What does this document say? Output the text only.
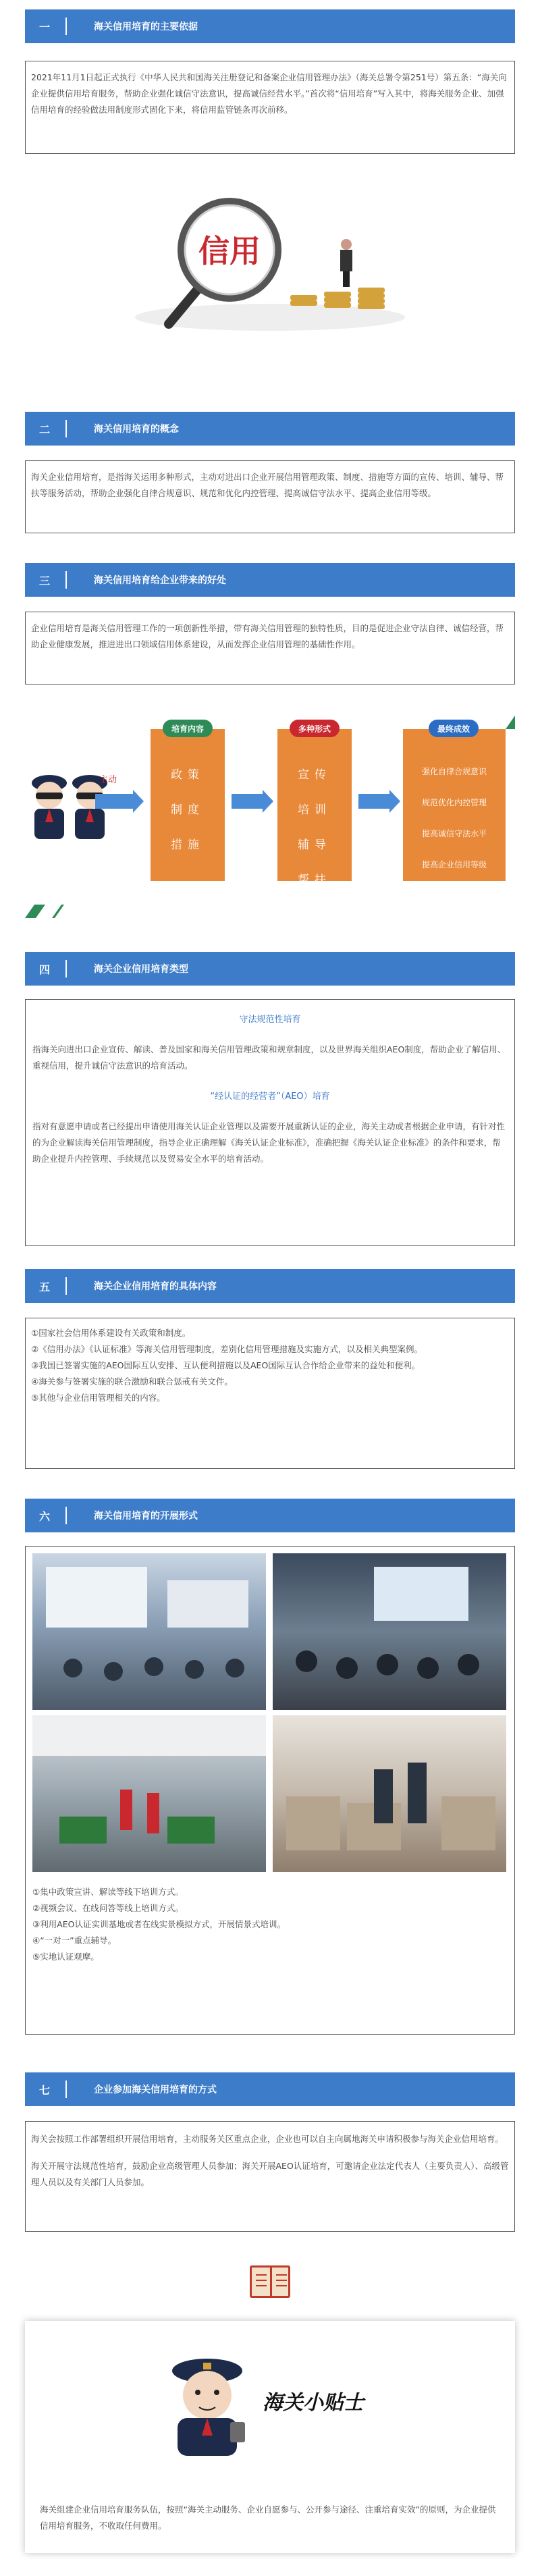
一	海关信用培育的主要依据
2021年11月1日起正式执行《中华人民共和国海关注册登记和备案企业信用管理办法》（海关总署令第251号）第五条：“海关向企业提供信用培育服务，帮助企业强化诚信守法意识，提高诚信经营水平。”首次将“信用培育”写入其中，将海关服务企业、加强信用培育的经验做法用制度形式固化下来，将信用监管链条再次前移。
信用
二	海关信用培育的概念
海关企业信用培育，是指海关运用多种形式，主动对进出口企业开展信用管理政策、制度、措施等方面的宣传、培训、辅导、帮扶等服务活动，帮助企业强化自律合规意识、规范和优化内控管理、提高诚信守法水平、提高企业信用等级。
三	海关信用培育给企业带来的好处
企业信用培育是海关信用管理工作的一项创新性举措，带有海关信用管理的独特性质，目的是促进企业守法自律、诚信经营，帮助企业健康发展，推进进出口领域信用体系建设，从而发挥企业信用管理的基础性作用。
主动
培育内容
政策
制度
措施
多种形式
宣传
培训
辅导
帮扶
最终成效
强化自律合规意识
规范优化内控管理
提高诚信守法水平
提高企业信用等级
四	海关企业信用培育类型
守法规范性培育
指海关向进出口企业宣传、解读、普及国家和海关信用管理政策和规章制度，以及世界海关组织AEO制度，帮助企业了解信用、重视信用，提升诚信守法意识的培育活动。
“经认证的经营者”（AEO）培育
指对有意愿申请或者已经提出申请使用海关认证企业管理以及需要开展重新认证的企业，海关主动或者根据企业申请，有针对性的为企业解读海关信用管理制度，指导企业正确理解《海关认证企业标准》，准确把握《海关认证企业标准》的条件和要求，帮助企业提升内控管理、手续规范以及贸易安全水平的培育活动。
五	海关企业信用培育的具体内容
①国家社会信用体系建设有关政策和制度。
②《信用办法》《认证标准》等海关信用管理制度，差别化信用管理措施及实施方式，以及相关典型案例。
③我国已签署实施的AEO国际互认安排、互认便利措施以及AEO国际互认合作给企业带来的益处和便利。
④海关参与签署实施的联合激励和联合惩戒有关文件。
⑤其他与企业信用管理相关的内容。
六	海关信用培育的开展形式
①集中政策宣讲、解读等线下培训方式。
②视频会议、在线问答等线上培训方式。
③利用AEO认证实训基地或者在线实景模拟方式，开展情景式培训。
④“一对一”重点辅导。
⑤实地认证观摩。
七	企业参加海关信用培育的方式
海关会按照工作部署组织开展信用培育，主动服务关区重点企业，企业也可以自主向属地海关申请积极参与海关企业信用培育。
海关开展守法规范性培育，鼓励企业高级管理人员参加；海关开展AEO认证培育，可邀请企业法定代表人（主要负责人）、高级管理人员以及有关部门人员参加。
海关小贴士
海关组建企业信用培育服务队伍，按照“海关主动服务、企业自愿参与、公开参与途径、注重培育实效”的原则，为企业提供信用培育服务，不收取任何费用。
